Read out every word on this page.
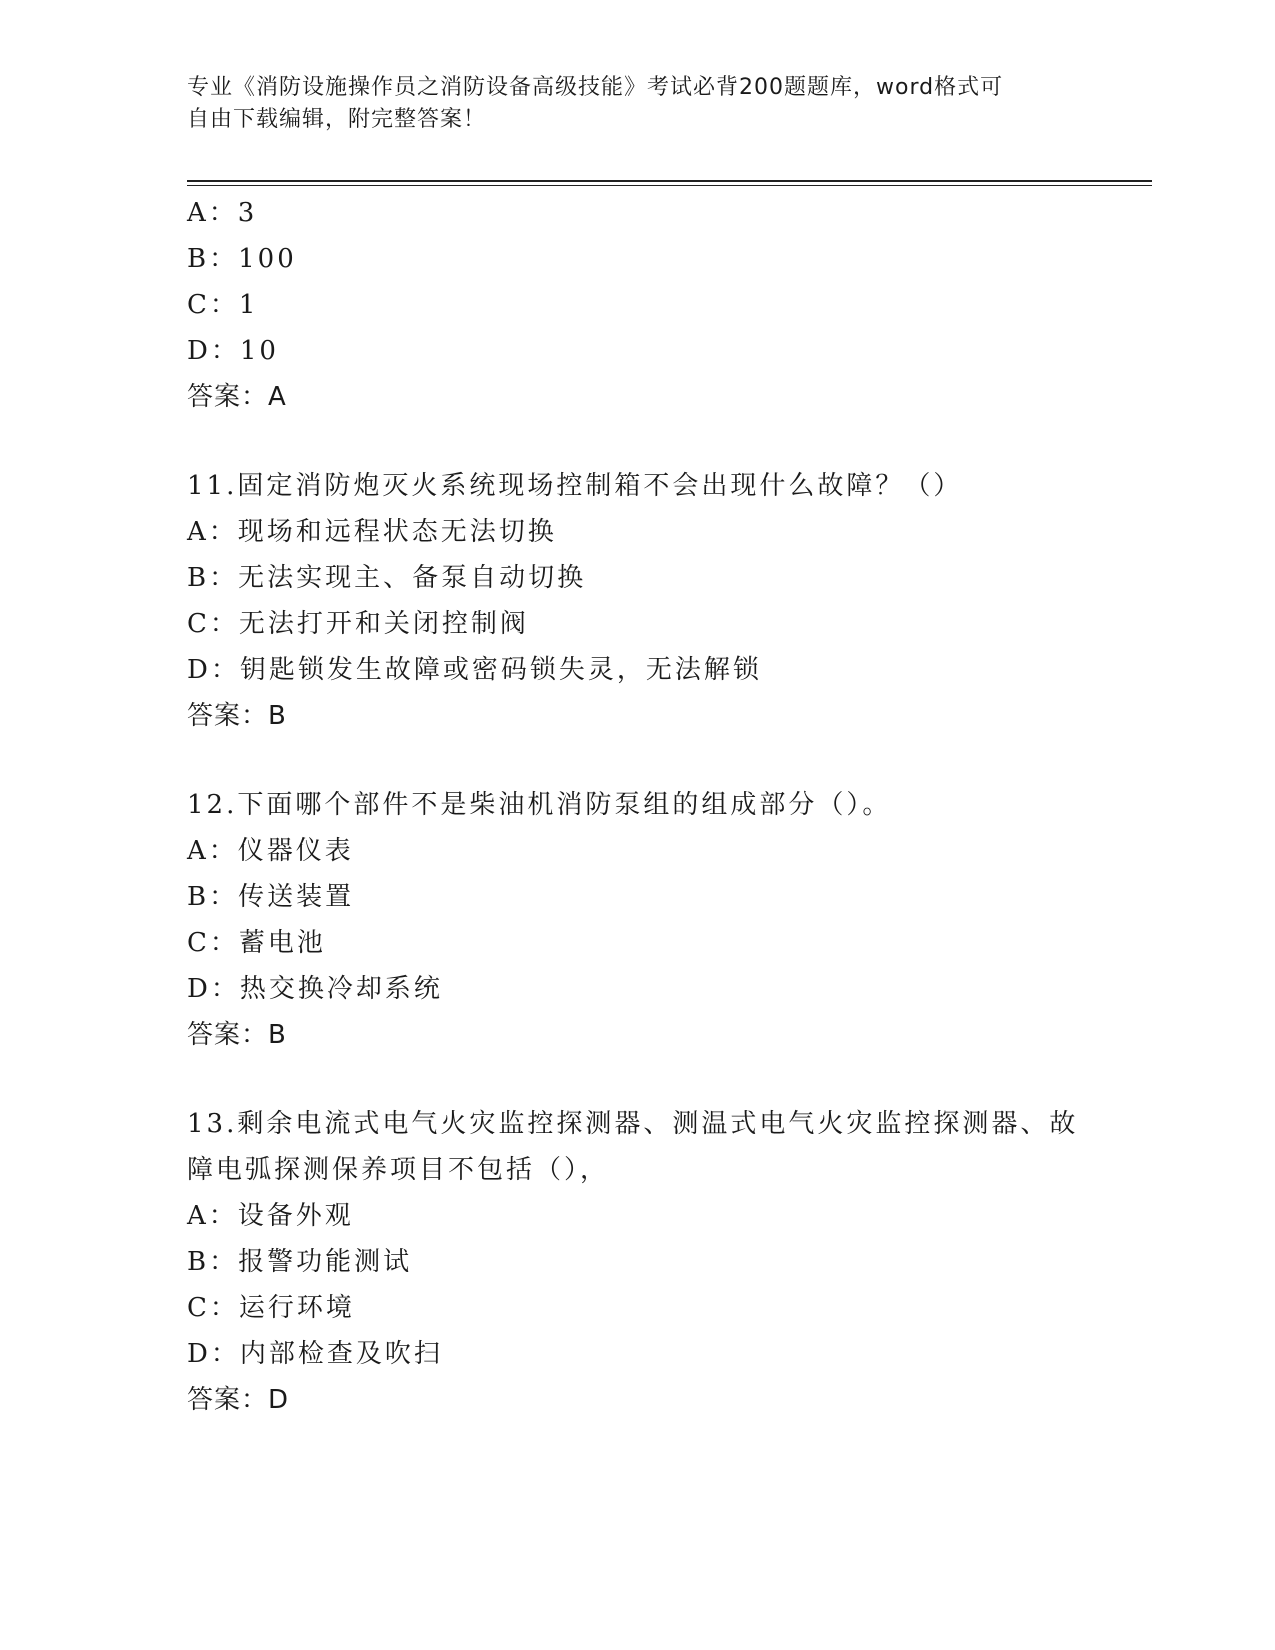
专业《消防设施操作员之消防设备高级技能》考试必背200题题库，word格式可
自由下载编辑，附完整答案！
A：3
B：100
C：1
D：10
答案：A
11.固定消防炮灭火系统现场控制箱不会出现什么故障？（）
A：现场和远程状态无法切换
B：无法实现主、备泵自动切换
C：无法打开和关闭控制阀
D：钥匙锁发生故障或密码锁失灵，无法解锁
答案：B
12.下面哪个部件不是柴油机消防泵组的组成部分（）。
A：仪器仪表
B：传送装置
C：蓄电池
D：热交换冷却系统
答案：B
13.剩余电流式电气火灾监控探测器、测温式电气火灾监控探测器、故
障电弧探测保养项目不包括（），
A：设备外观
B：报警功能测试
C：运行环境
D：内部检查及吹扫
答案：D
